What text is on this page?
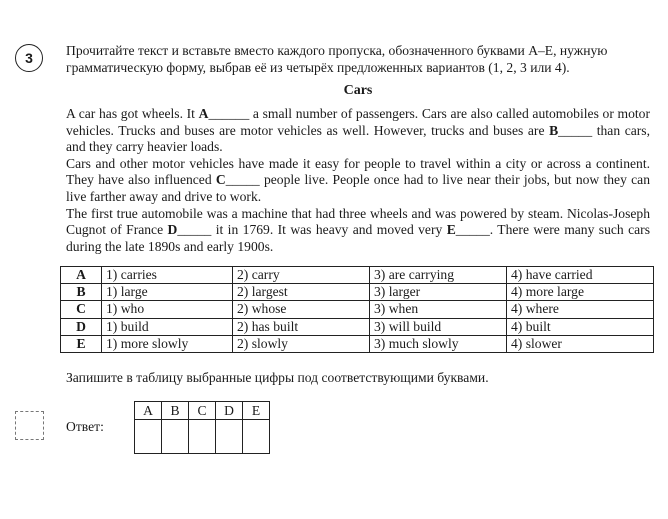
3	Прочитайте текст и вставьте вместо каждого пропуска, обозначенного буквами А–Е, нужную грамматическую форму, выбрав её из четырёх предложенных вариантов (1, 2, 3 или 4).
Cars

A car has got wheels. It A______ a small number of passengers. Cars are also called automobiles or motor vehicles. Trucks and buses are motor vehicles as well. However, trucks and buses are B_____ than cars, and they carry heavier loads.

Cars and other motor vehicles have made it easy for people to travel within a city or across a continent. They have also influenced C_____ people live. People once had to live near their jobs, but now they can live farther away and drive to work.

The first true automobile was a machine that had three wheels and was powered by steam. Nicolas-Joseph Cugnot of France D_____ it in 1769. It was heavy and moved very E_____. There were many such cars during the late 1890s and early 1900s.

A	1) carries	2) carry	3) are carrying	4) have carried
B	1) large	2) largest	3) larger	4) more large
C	1) who	2) whose	3) when	4) where
D	1) build	2) has built	3) will build	4) built
E	1) more slowly	2) slowly	3) much slowly	4) slower
Запишите в таблицу выбранные цифры под соответствующими буквами.
Ответ:
A	B	C	D	E
